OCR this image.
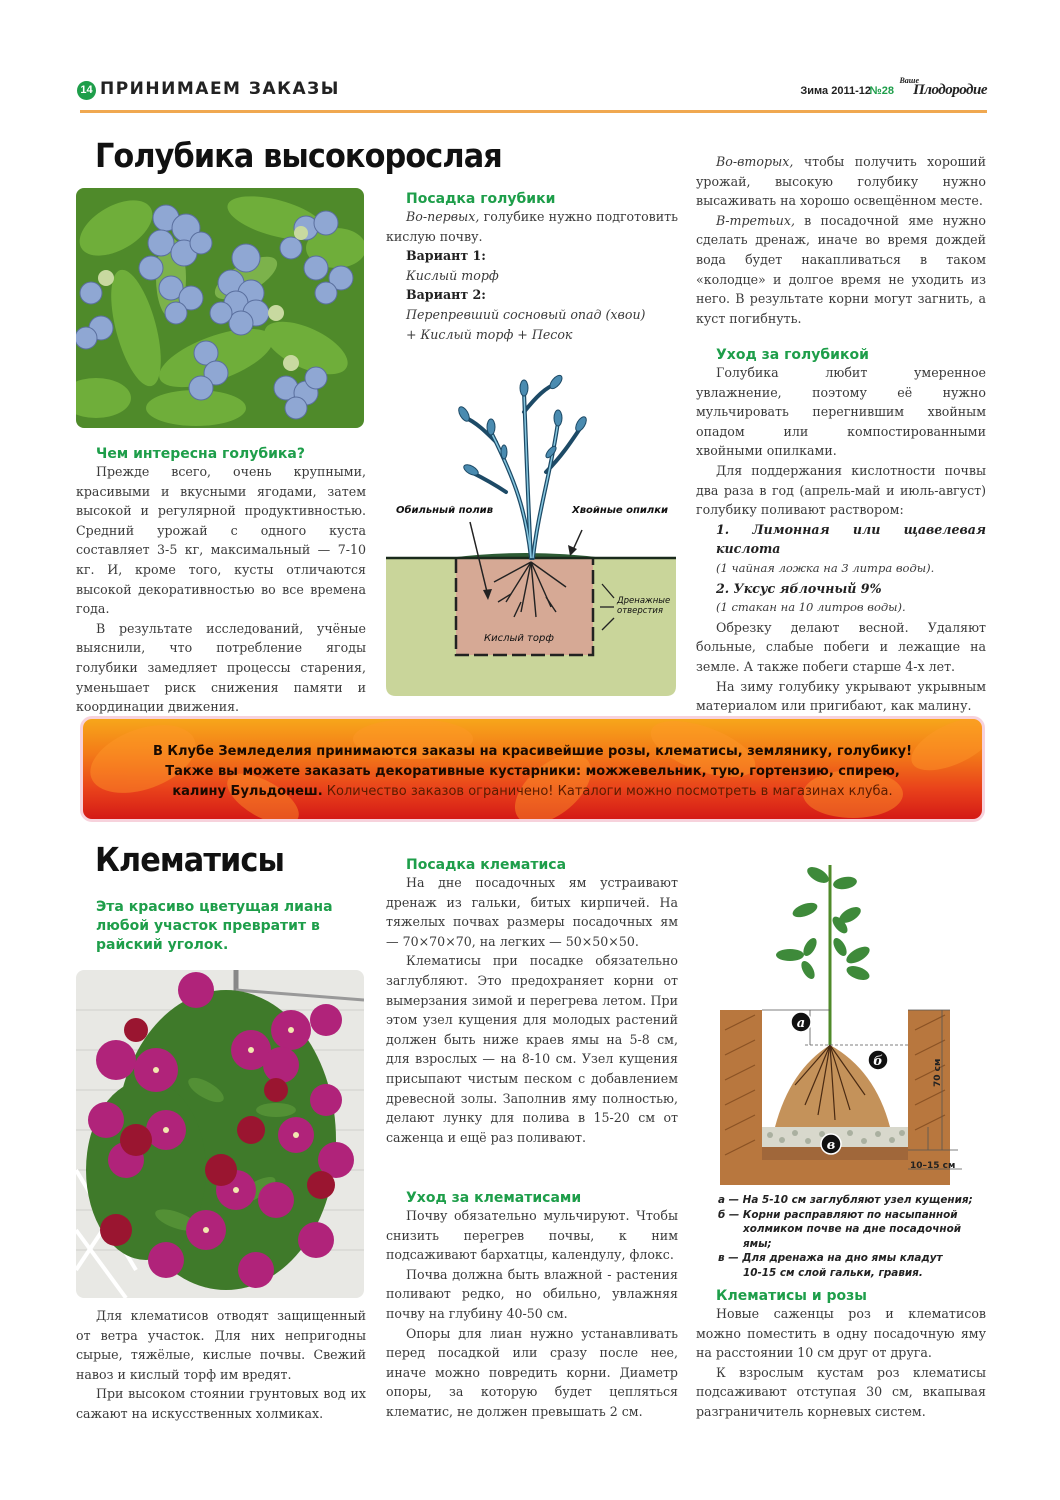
14 ПРИНИМАЕМ ЗАКАЗЫ	Зима 2011-12
№28
Ваше
Плодородие
Голубика высокорослая
Чем интересна голубика?

Прежде всего, очень крупными, красивыми и вкусными ягодами, затем высокой и регулярной продуктивностью. Средний урожай с одного куста составляет 3-5 кг, максимальный — 7-10 кг. И, кроме того, кусты отличаются высокой декоративностью во все времена года.

В результате исследований, учёные выяснили, что потребление ягоды голубики замедляет процессы старения, уменьшает риск снижения памяти и координации движения.

Посадка голубики

Во-первых, голубике нужно подготовить кислую почву.

Вариант 1:
Кислый торф
Вариант 2:
Перепревший сосновый опад (хвои)
+ Кислый торф + Песок
Обильный полив	Хвойные опилки
Дренажные
отверстия
Кислый торф

Во-вторых, чтобы получить хороший урожай, высокую голубику нужно высаживать на хорошо освещённом месте.

В-третьих, в посадочной яме нужно сделать дренаж, иначе во время дождей вода будет накапливаться в таком «колодце» и долгое время не уходить из него. В результате корни могут загнить, а куст погибнуть.

Уход за голубикой

Голубика любит умеренное увлажнение, поэтому её нужно мульчировать перегнившим хвойным опадом или компостированными хвойными опилками.

Для поддержания кислотности почвы два раза в год (апрель-май и июль-август) голубику поливают раствором:

1. Лимонная или щавелевая кислота
(1 чайная ложка на 3 литра воды).
2. Уксус яблочный 9%
(1 стакан на 10 литров воды).

Обрезку делают весной. Удаляют больные, слабые побеги и лежащие на земле. А также побеги старше 4-х лет.

На зиму голубику укрывают укрывным материалом или пригибают, как малину.

В Клубе Земледелия принимаются заказы на красивейшие розы, клематисы, землянику, голубику!
Также вы можете заказать декоративные кустарники: можжевельник, тую, гортензию, спирею,
калину Бульдонеш. Количество заказов ограничено! Каталоги можно посмотреть в магазинах клуба.
Клематисы
Эта красиво цветущая лиана любой участок превратит в райский уголок.

Для клематисов отводят защищенный от ветра участок. Для них непригодны сырые, тяжёлые, кислые почвы. Свежий навоз и кислый торф им вредят.

При высоком стоянии грунтовых вод их сажают на искусственных холмиках.

Посадка клематиса

На дне посадочных ям устраивают дренаж из гальки, битых кирпичей. На тяжелых почвах размеры посадочных ям — 70×70×70, на легких — 50×50×50.

Клематисы при посадке обязательно заглубляют. Это предохраняет корни от вымерзания зимой и перегрева летом. При этом узел кущения для молодых растений должен быть ниже краев ямы на 5-8 см, для взрослых — на 8-10 см. Узел кущения присыпают чистым песком с добавлением древесной золы. Заполнив яму полностью, делают лунку для полива в 15-20 см от саженца и ещё раз поливают.

Уход за клематисами

Почву обязательно мульчируют. Чтобы снизить перегрев почвы, к ним подсаживают бархатцы, календулу, флокс.

Почва должна быть влажной - растения поливают редко, но обильно, увлажняя почву на глубину 40-50 см.

Опоры для лиан нужно устанавливать перед посадкой или сразу после нее, иначе можно повредить корни. Диаметр опоры, за которую будет цепляться клематис, не должен превышать 2 см.

а
б
в
70 см
10–15 см
а — На 5-10 см заглубляют узел кущения;
б — Корни расправляют по насыпанной
холмиком почве на дне посадочной ямы;
в — Для дренажа на дно ямы кладут
10-15 см слой гальки, гравия.
Клематисы и розы

Новые саженцы роз и клематисов можно поместить в одну посадочную яму на расстоянии 10 см друг от друга.

К взрослым кустам роз клематисы подсаживают отступая 30 см, вкапывая разграничитель корневых систем.
